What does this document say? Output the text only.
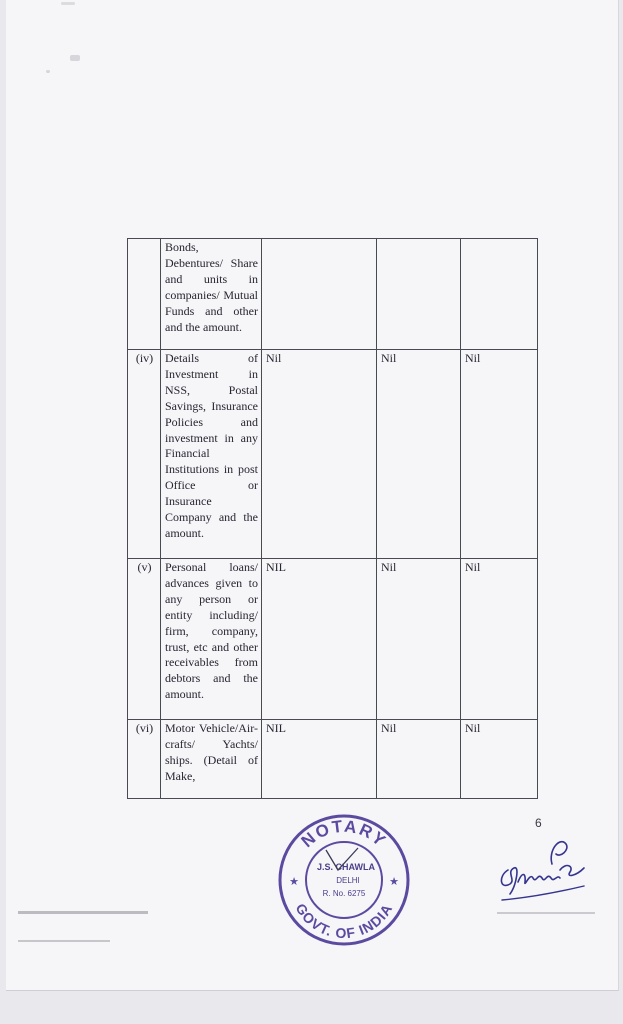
	Bonds, Debentures/ Share and units in companies/ Mutual Funds and other and the amount.			
(iv)	Details of Investment in NSS, Postal Savings, Insurance Policies and investment in any Financial Institutions in post Office or Insurance Company and the amount.	Nil	Nil	Nil
(v)	Personal loans/ advances given to any person or entity including/ firm, company, trust, etc and other receivables from debtors and the amount.	NIL	Nil	Nil
(vi)	Motor Vehicle/Air-crafts/ Yachts/ ships. (Detail of Make,	NIL	Nil	Nil
6
NOTARY
GOVT. OF INDIA
★	★
J.S. CHAWLA
DELHI
R. No. 6275
